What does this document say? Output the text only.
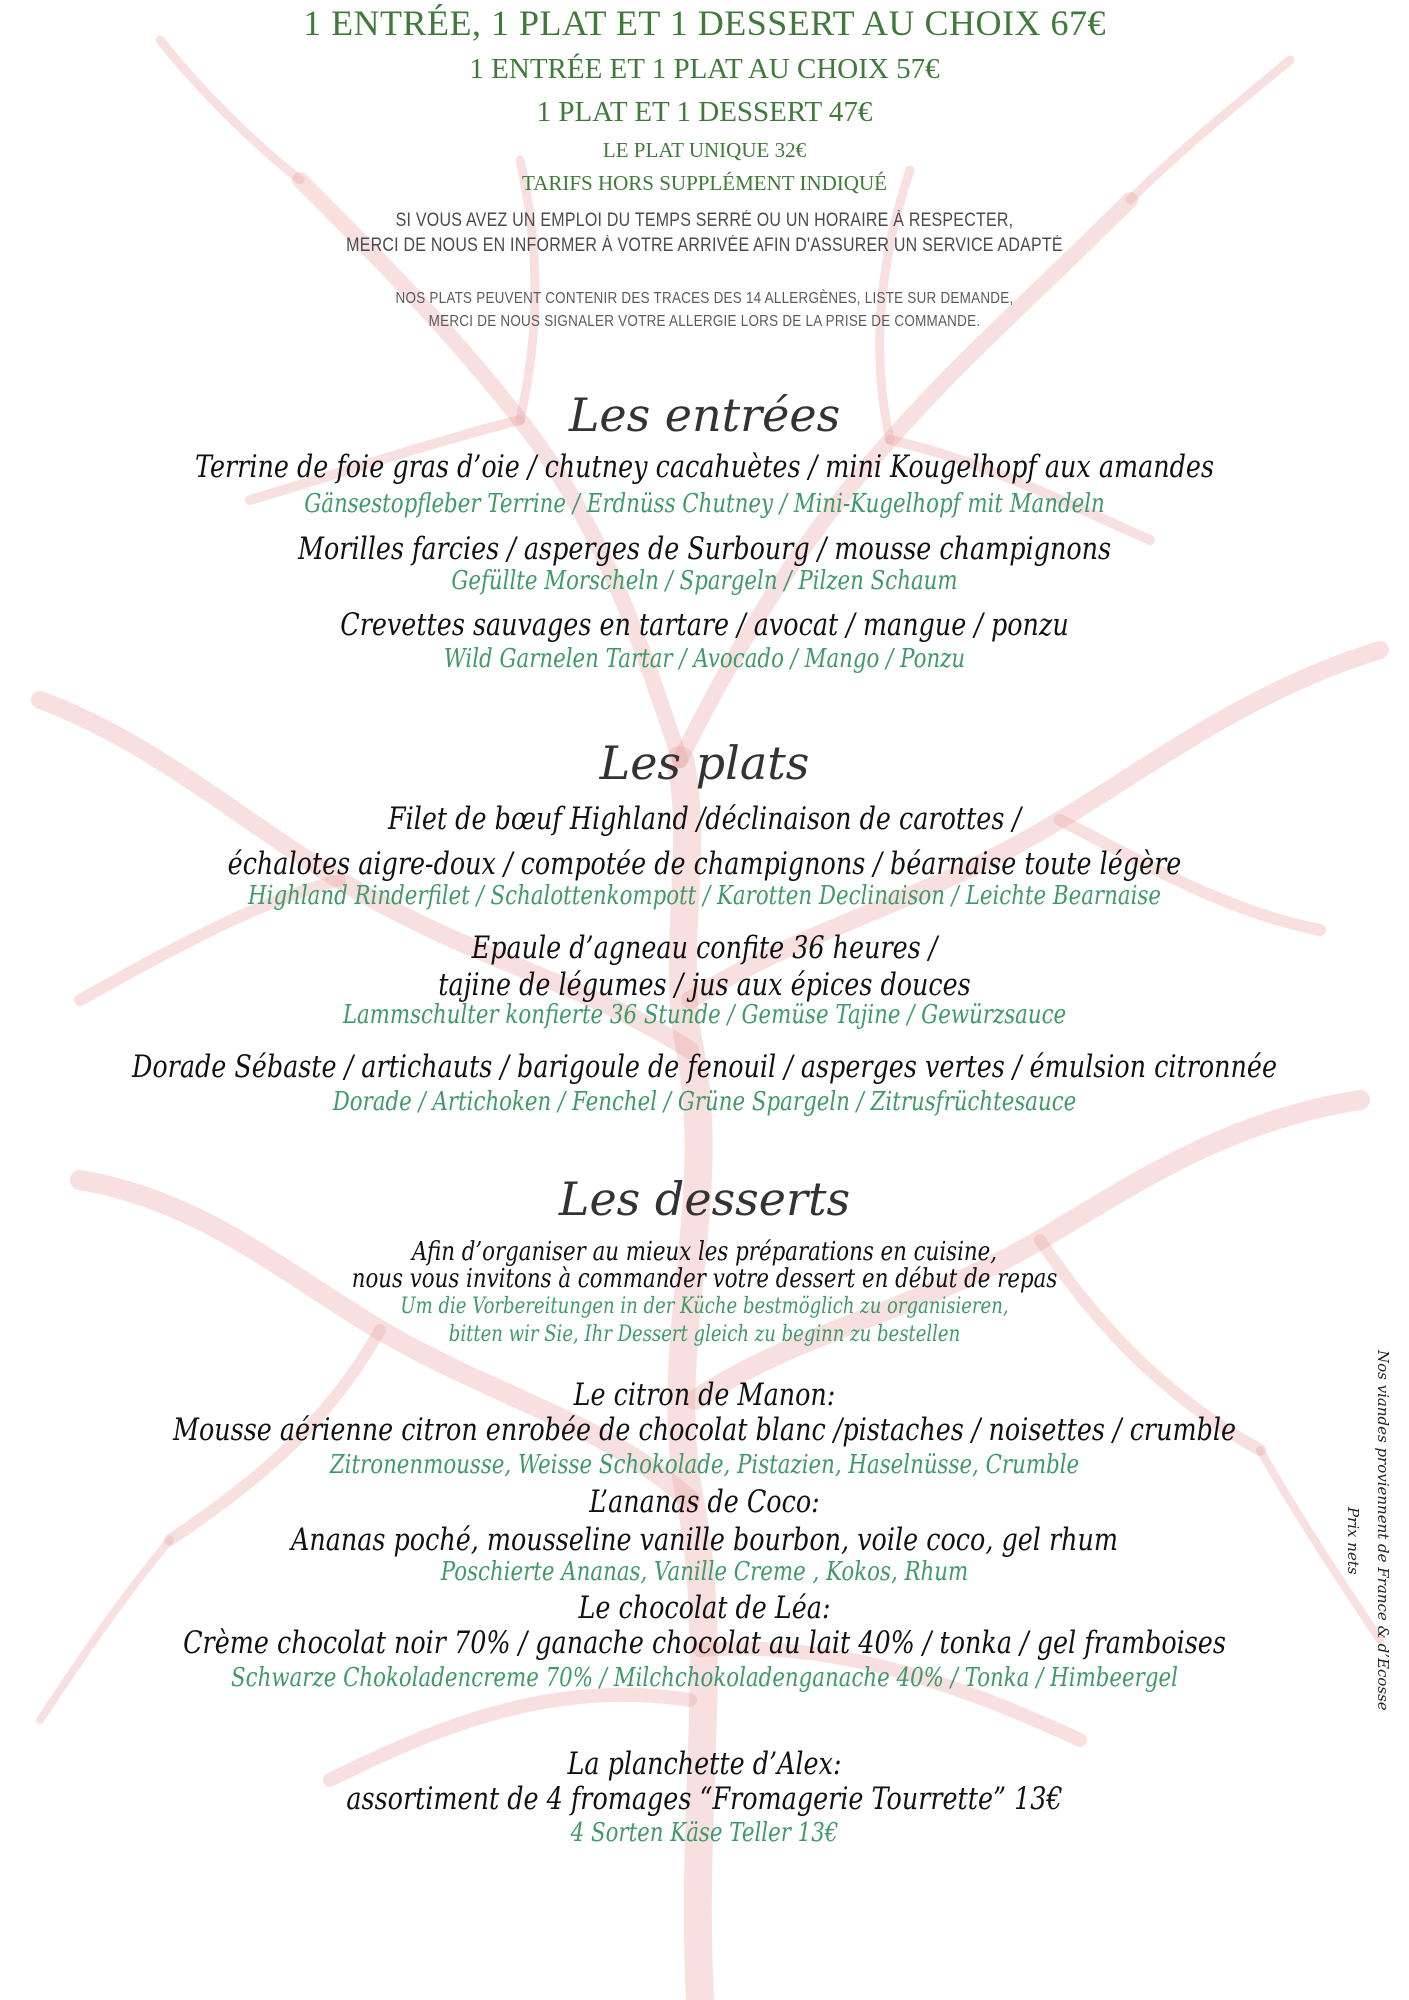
1 ENTRÉE, 1 PLAT ET 1 DESSERT AU CHOIX 67€
1 ENTRÉE ET 1 PLAT AU CHOIX 57€
1 PLAT ET 1 DESSERT 47€
LE PLAT UNIQUE 32€
TARIFS HORS SUPPLÉMENT INDIQUÉ
SI VOUS AVEZ UN EMPLOI DU TEMPS SERRÉ OU UN HORAIRE À RESPECTER,
MERCI DE NOUS EN INFORMER À VOTRE ARRIVÉE AFIN D'ASSURER UN SERVICE ADAPTÉ
NOS PLATS PEUVENT CONTENIR DES TRACES DES 14 ALLERGÈNES, LISTE SUR DEMANDE,
MERCI DE NOUS SIGNALER VOTRE ALLERGIE LORS DE LA PRISE DE COMMANDE.
Les entrées
Terrine de foie gras d’oie / chutney cacahuètes / mini Kougelhopf aux amandes
Gänsestopfleber Terrine / Erdnüss Chutney / Mini-Kugelhopf mit Mandeln
Morilles farcies / asperges de Surbourg / mousse champignons
Gefüllte Morscheln / Spargeln / Pilzen Schaum
Crevettes sauvages en tartare / avocat / mangue / ponzu
Wild Garnelen Tartar / Avocado / Mango / Ponzu
Les plats
Filet de bœuf Highland /déclinaison de carottes /
échalotes aigre-doux / compotée de champignons / béarnaise toute légère
Highland Rinderfilet / Schalottenkompott / Karotten Declinaison / Leichte Bearnaise
Epaule d’agneau confite 36 heures /
tajine de légumes / jus aux épices douces
Lammschulter konfierte 36 Stunde / Gemüse Tajine / Gewürzsauce
Dorade Sébaste / artichauts / barigoule de fenouil / asperges vertes / émulsion citronnée
Dorade / Artichoken / Fenchel / Grüne Spargeln / Zitrusfrüchtesauce
Les desserts
Afin d’organiser au mieux les préparations en cuisine,
nous vous invitons à commander votre dessert en début de repas
Um die Vorbereitungen in der Küche bestmöglich zu organisieren,
bitten wir Sie, Ihr Dessert gleich zu beginn zu bestellen
Le citron de Manon:
Mousse aérienne citron enrobée de chocolat blanc /pistaches / noisettes / crumble
Zitronenmousse, Weisse Schokolade, Pistazien, Haselnüsse, Crumble
L’ananas de Coco:
Ananas poché, mousseline vanille bourbon, voile coco, gel rhum
Poschierte Ananas, Vanille Creme , Kokos, Rhum
Le chocolat de Léa:
Crème chocolat noir 70% / ganache chocolat au lait 40% / tonka / gel framboises
Schwarze Chokoladencreme 70% / Milchchokoladenganache 40% / Tonka / Himbeergel
La planchette d’Alex:
assortiment de 4 fromages “Fromagerie Tourrette” 13€
4 Sorten Käse Teller 13€
Nos viandes proviennent de France & d’Ecosse
Prix nets
